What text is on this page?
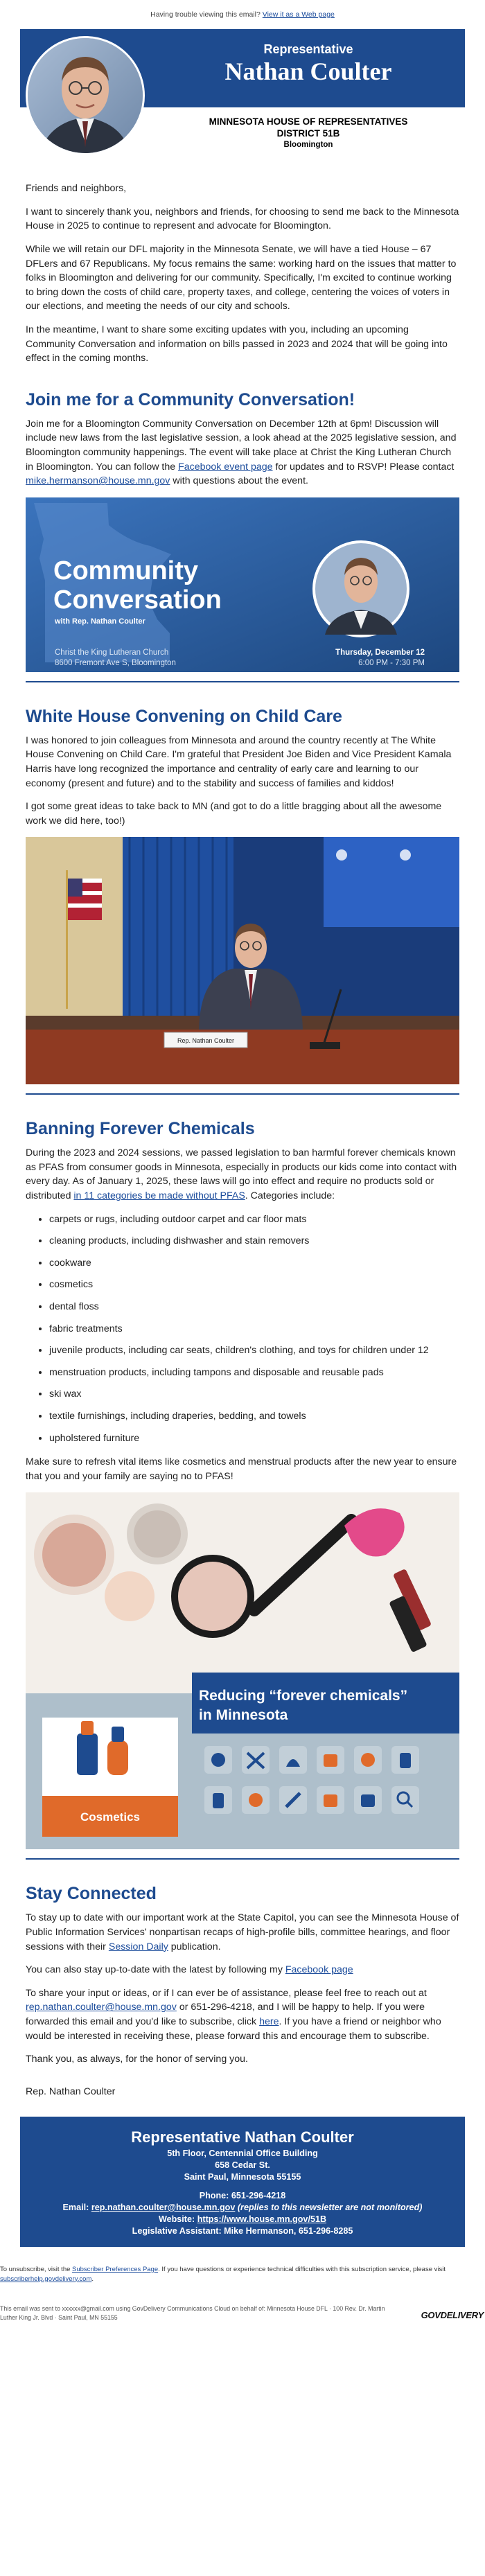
Having trouble viewing this email? View it as a Web page
Representative
Nathan Coulter
MINNESOTA HOUSE OF REPRESENTATIVES
DISTRICT 51B
Bloomington

Friends and neighbors,

I want to sincerely thank you, neighbors and friends, for choosing to send me back to the Minnesota House in 2025 to continue to represent and advocate for Bloomington.

While we will retain our DFL majority in the Minnesota Senate, we will have a tied House – 67 DFLers and 67 Republicans. My focus remains the same: working hard on the issues that matter to folks in Bloomington and delivering for our community. Specifically, I'm excited to continue working to bring down the costs of child care, property taxes, and college, centering the voices of voters in our elections, and meeting the needs of our city and schools.

In the meantime, I want to share some exciting updates with you, including an upcoming Community Conversation and information on bills passed in 2023 and 2024 that will be going into effect in the coming months.

Join me for a Community Conversation!

Join me for a Bloomington Community Conversation on December 12th at 6pm! Discussion will include new laws from the last legislative session, a look ahead at the 2025 legislative session, and Bloomington community happenings. The event will take place at Christ the King Lutheran Church in Bloomington. You can follow the Facebook event page for updates and to RSVP! Please contact mike.hermanson@house.mn.gov with questions about the event.

Community
Conversation
with Rep. Nathan Coulter
Christ the King Lutheran Church
8600 Fremont Ave S, Bloomington
Thursday, December 12
6:00 PM - 7:30 PM
White House Convening on Child Care

I was honored to join colleagues from Minnesota and around the country recently at The White House Convening on Child Care. I'm grateful that President Joe Biden and Vice President Kamala Harris have long recognized the importance and centrality of early care and learning to our economy (present and future) and to the stability and success of families and kiddos!

I got some great ideas to take back to MN (and got to do a little bragging about all the awesome work we did here, too!)

Rep. Nathan Coulter
Banning Forever Chemicals

During the 2023 and 2024 sessions, we passed legislation to ban harmful forever chemicals known as PFAS from consumer goods in Minnesota, especially in products our kids come into contact with every day. As of January 1, 2025, these laws will go into effect and require no products sold or distributed in 11 categories be made without PFAS. Categories include:

• carpets or rugs, including outdoor carpet and car floor mats
• cleaning products, including dishwasher and stain removers
• cookware
• cosmetics
• dental floss
• fabric treatments
• juvenile products, including car seats, children's clothing, and toys for children under 12
• menstruation products, including tampons and disposable and reusable pads
• ski wax
• textile furnishings, including draperies, bedding, and towels
• upholstered furniture

Make sure to refresh vital items like cosmetics and menstrual products after the new year to ensure that you and your family are saying no to PFAS!

Reducing “forever chemicals”
in Minnesota
Cosmetics
Stay Connected

To stay up to date with our important work at the State Capitol, you can see the Minnesota House of Public Information Services' nonpartisan recaps of high-profile bills, committee hearings, and floor sessions with their Session Daily publication.

You can also stay up-to-date with the latest by following my Facebook page

To share your input or ideas, or if I can ever be of assistance, please feel free to reach out at rep.nathan.coulter@house.mn.gov or 651-296-4218, and I will be happy to help. If you were forwarded this email and you'd like to subscribe, click here. If you have a friend or neighbor who would be interested in receiving these, please forward this and encourage them to subscribe.

Thank you, as always, for the honor of serving you.

Rep. Nathan Coulter

Representative Nathan Coulter
5th Floor, Centennial Office Building
658 Cedar St.
Saint Paul, Minnesota 55155
Phone: 651-296-4218
Email: rep.nathan.coulter@house.mn.gov (replies to this newsletter are not monitored)
Website: https://www.house.mn.gov/51B
Legislative Assistant: Mike Hermanson, 651-296-8285
To unsubscribe, visit the Subscriber Preferences Page. If you have questions or experience technical difficulties with this subscription service, please visit subscriberhelp.govdelivery.com.
This email was sent to xxxxxx@gmail.com using GovDelivery Communications Cloud on behalf of: Minnesota House DFL · 100 Rev. Dr. Martin Luther King Jr. Blvd · Saint Paul, MN 55155	GOVDELIVERY
